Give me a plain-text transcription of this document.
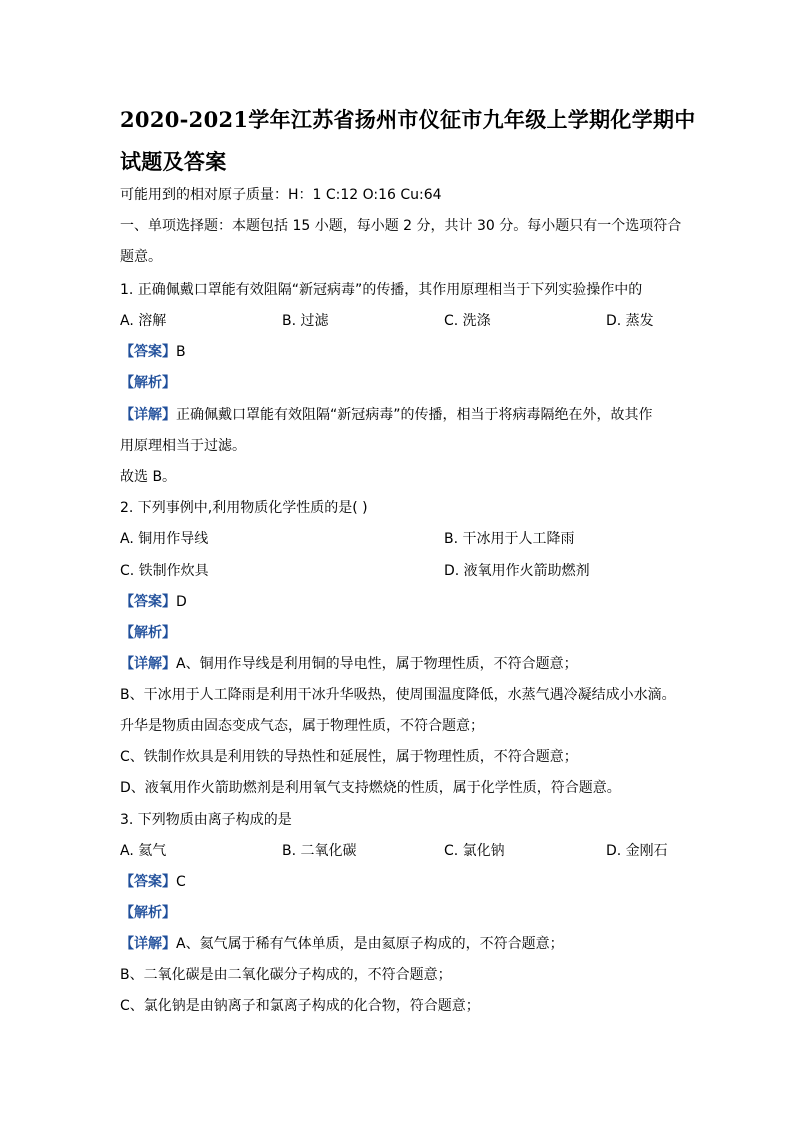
2020-2021学年江苏省扬州市仪征市九年级上学期化学期中
试题及答案
可能用到的相对原子质量：H：1 C:12 O:16 Cu:64
一、单项选择题：本题包括 15 小题，每小题 2 分，共计 30 分。每小题只有一个选项符合
题意。
1. 正确佩戴口罩能有效阻隔“新冠病毒”的传播，其作用原理相当于下列实验操作中的
A. 溶解	B. 过滤	C. 洗涤	D. 蒸发
【答案】B
【解析】
【详解】正确佩戴口罩能有效阻隔“新冠病毒”的传播，相当于将病毒隔绝在外，故其作
用原理相当于过滤。
故选 B。
2. 下列事例中,利用物质化学性质的是( )
A. 铜用作导线	B. 干冰用于人工降雨
C. 铁制作炊具	D. 液氧用作火箭助燃剂
【答案】D
【解析】
【详解】A、铜用作导线是利用铜的导电性，属于物理性质，不符合题意；
B、干冰用于人工降雨是利用干冰升华吸热，使周围温度降低，水蒸气遇冷凝结成小水滴。
升华是物质由固态变成气态，属于物理性质，不符合题意；
C、铁制作炊具是利用铁的导热性和延展性，属于物理性质，不符合题意；
D、液氧用作火箭助燃剂是利用氧气支持燃烧的性质，属于化学性质，符合题意。
3. 下列物质由离子构成的是
A. 氦气	B. 二氧化碳	C. 氯化钠	D. 金刚石
【答案】C
【解析】
【详解】A、氦气属于稀有气体单质，是由氦原子构成的，不符合题意；
B、二氧化碳是由二氧化碳分子构成的，不符合题意；
C、氯化钠是由钠离子和氯离子构成的化合物，符合题意；
